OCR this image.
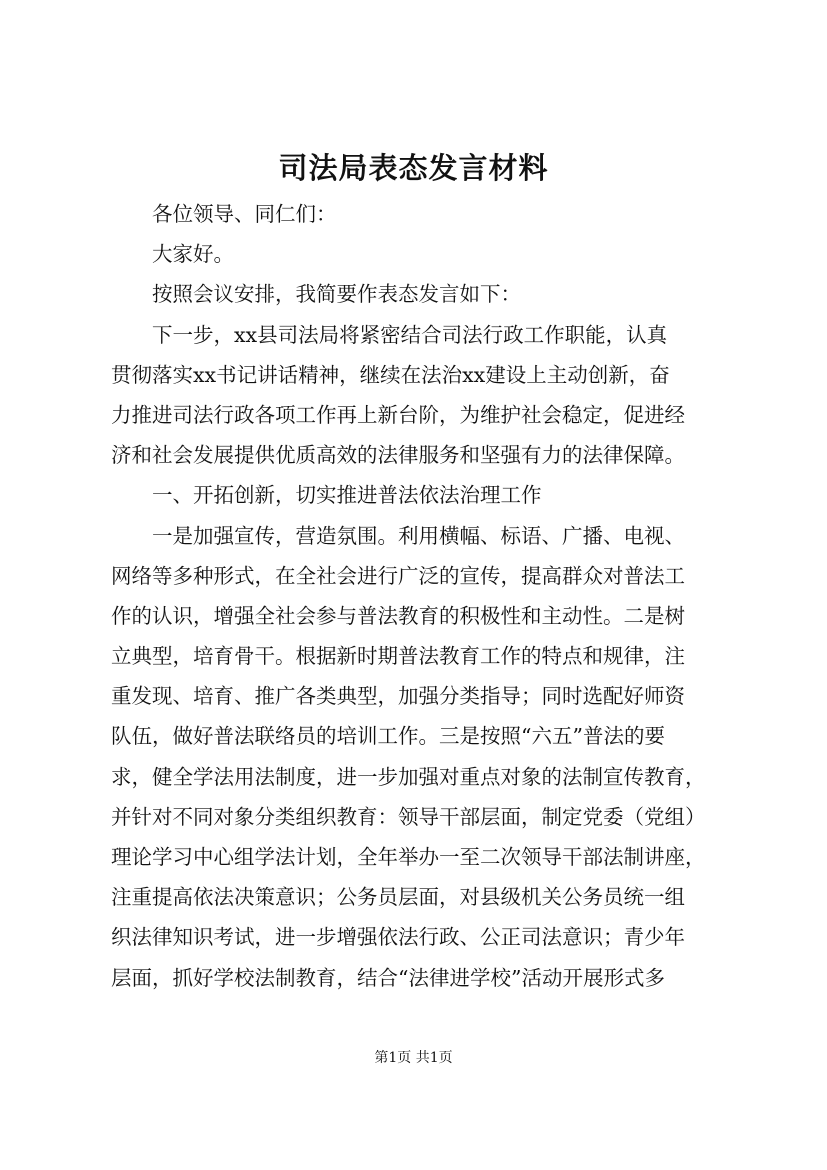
司法局表态发言材料
各位领导、同仁们：
大家好。
按照会议安排，我简要作表态发言如下：
下一步，xx县司法局将紧密结合司法行政工作职能，认真
贯彻落实xx书记讲话精神，继续在法治xx建设上主动创新，奋
力推进司法行政各项工作再上新台阶，为维护社会稳定，促进经
济和社会发展提供优质高效的法律服务和坚强有力的法律保障。
一、开拓创新，切实推进普法依法治理工作
一是加强宣传，营造氛围。利用横幅、标语、广播、电视、
网络等多种形式，在全社会进行广泛的宣传，提高群众对普法工
作的认识，增强全社会参与普法教育的积极性和主动性。二是树
立典型，培育骨干。根据新时期普法教育工作的特点和规律，注
重发现、培育、推广各类典型，加强分类指导；同时选配好师资
队伍，做好普法联络员的培训工作。三是按照“六五”普法的要
求，健全学法用法制度，进一步加强对重点对象的法制宣传教育，
并针对不同对象分类组织教育：领导干部层面，制定党委（党组）
理论学习中心组学法计划，全年举办一至二次领导干部法制讲座，
注重提高依法决策意识；公务员层面，对县级机关公务员统一组
织法律知识考试，进一步增强依法行政、公正司法意识；青少年
层面，抓好学校法制教育，结合“法律进学校”活动开展形式多
第1页 共1页
